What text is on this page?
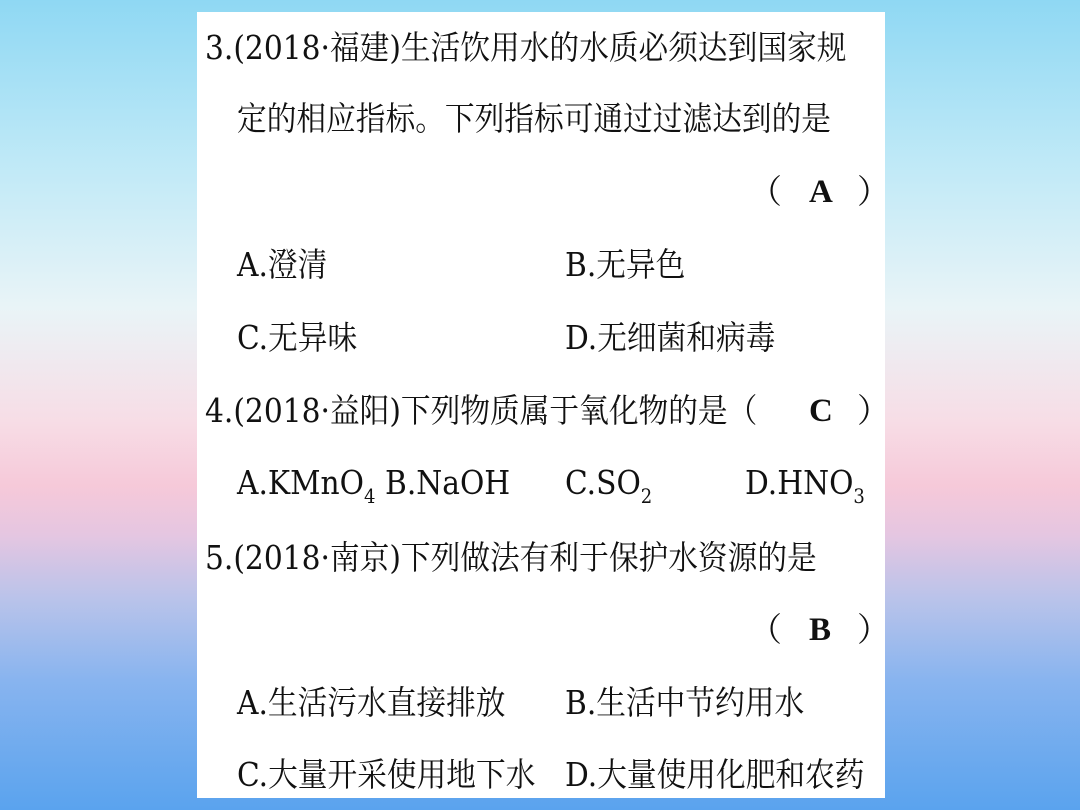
3.(2018·福建)生活饮用水的水质必须达到国家规
定的相应指标。下列指标可通过过滤达到的是
（ A ）
A.澄清	B.无异色
C.无异味	D.无细菌和病毒
4.(2018·益阳)下列物质属于氧化物的是（ C ）
A.KMnO$_4$ B.NaOH $C.SO_2$	$D.HNO_3$
5.(2018·南京)下列做法有利于保护水资源的是
（ B ）
A.生活污水直接排放 B.生活中节约用水
C.大量开采使用地下水 D.大量使用化肥和农药
